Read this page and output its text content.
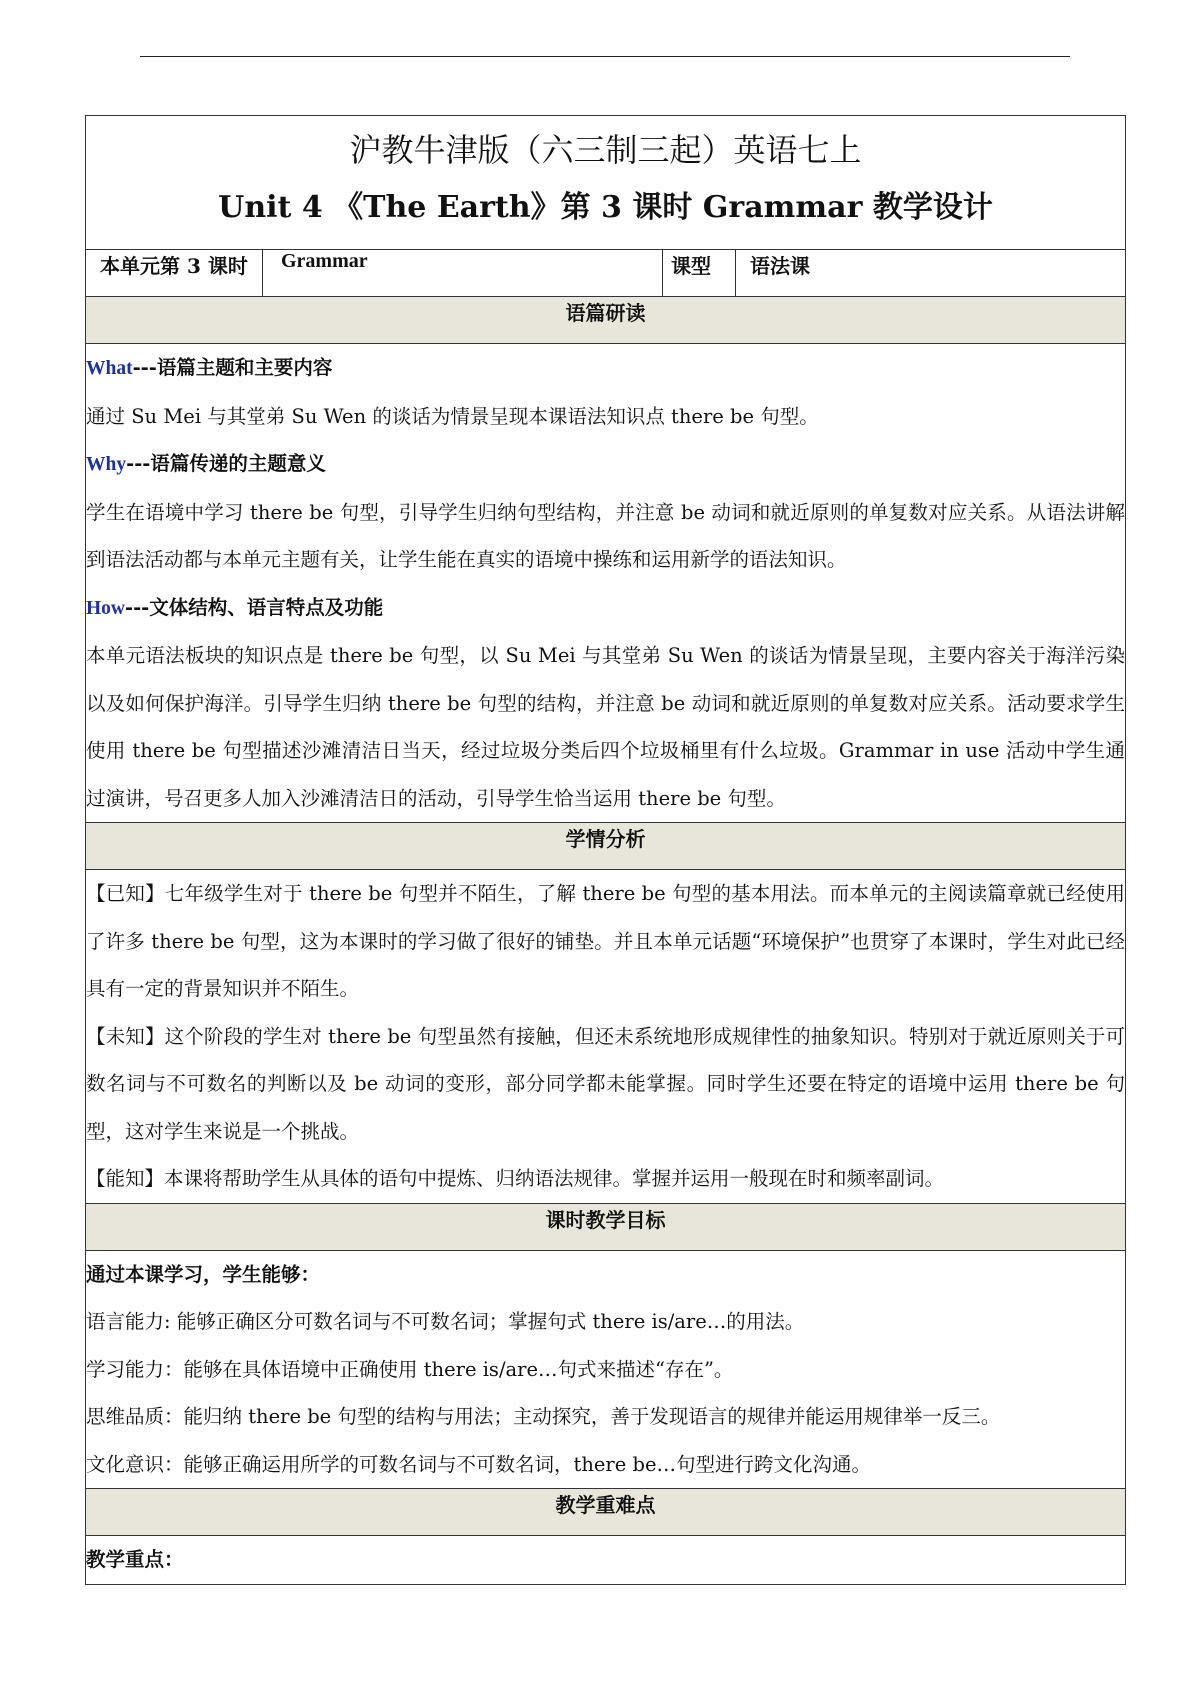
沪教牛津版（六三制三起）英语七上
Unit 4 《The Earth》第 3 课时 Grammar 教学设计

本单元第 3 课时	Grammar	课型	语法课
语篇研读

What---语篇主题和主要内容

通过 Su Mei 与其堂弟 Su Wen 的谈话为情景呈现本课语法知识点 there be 句型。

Why---语篇传递的主题意义

学生在语境中学习 there be 句型，引导学生归纳句型结构，并注意 be 动词和就近原则的单复数对应关系。从语法讲解到语法活动都与本单元主题有关，让学生能在真实的语境中操练和运用新学的语法知识。

How---文体结构、语言特点及功能

本单元语法板块的知识点是 there be 句型，以 Su Mei 与其堂弟 Su Wen 的谈话为情景呈现，主要内容关于海洋污染以及如何保护海洋。引导学生归纳 there be 句型的结构，并注意 be 动词和就近原则的单复数对应关系。活动要求学生使用 there be 句型描述沙滩清洁日当天，经过垃圾分类后四个垃圾桶里有什么垃圾。Grammar in use 活动中学生通过演讲，号召更多人加入沙滩清洁日的活动，引导学生恰当运用 there be 句型。

学情分析

【已知】七年级学生对于 there be 句型并不陌生，了解 there be 句型的基本用法。而本单元的主阅读篇章就已经使用了许多 there be 句型，这为本课时的学习做了很好的铺垫。并且本单元话题“环境保护”也贯穿了本课时，学生对此已经具有一定的背景知识并不陌生。

【未知】这个阶段的学生对 there be 句型虽然有接触，但还未系统地形成规律性的抽象知识。特别对于就近原则关于可数名词与不可数名的判断以及 be 动词的变形，部分同学都未能掌握。同时学生还要在特定的语境中运用 there be 句型，这对学生来说是一个挑战。

【能知】本课将帮助学生从具体的语句中提炼、归纳语法规律。掌握并运用一般现在时和频率副词。

课时教学目标

通过本课学习，学生能够：

语言能力: 能够正确区分可数名词与不可数名词；掌握句式 there is/are…的用法。

学习能力：能够在具体语境中正确使用 there is/are…句式来描述“存在”。

思维品质：能归纳 there be 句型的结构与用法；主动探究，善于发现语言的规律并能运用规律举一反三。

文化意识：能够正确运用所学的可数名词与不可数名词，there be…句型进行跨文化沟通。

教学重难点

教学重点：
